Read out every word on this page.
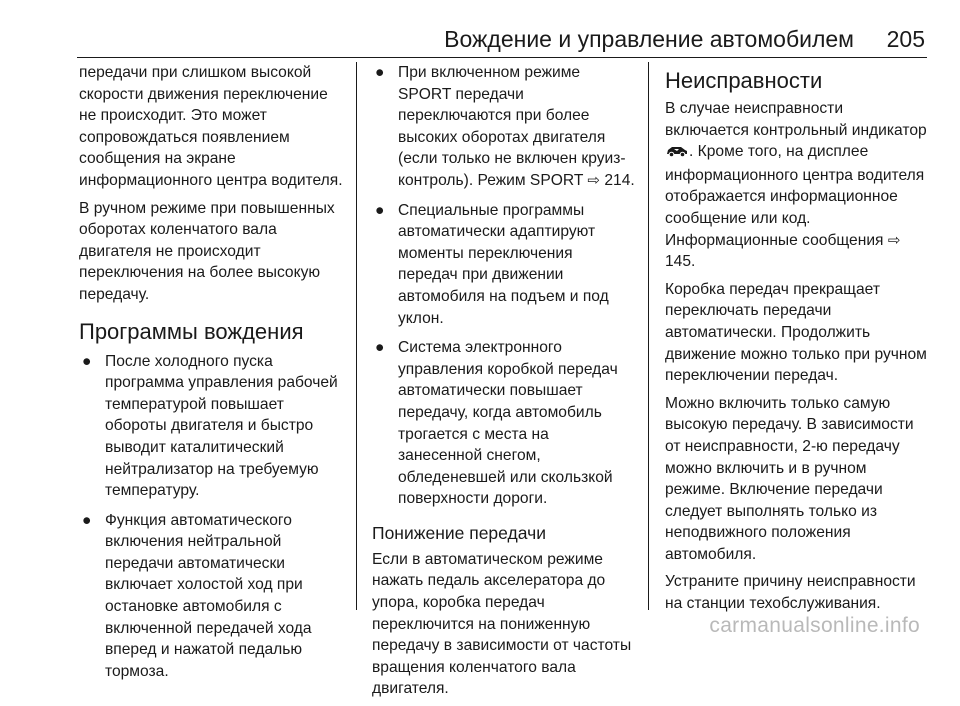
Вождение и управление автомобилем 205

передачи при слишком высокой скорости движения переключение не происходит. Это может сопровождаться появлением сообщения на экране информационного центра водителя.

В ручном режиме при повышенных оборотах коленчатого вала двигателя не происходит переключения на более высокую передачу.

Программы вождения
● После холодного пуска программа управления рабочей температурой повышает обороты двигателя и быстро выводит каталитический нейтрализатор на требуемую температуру.
● Функция автоматического включения нейтральной передачи автоматически включает холостой ход при остановке автомобиля с включенной передачей хода вперед и нажатой педалью тормоза.
● При включенном режиме SPORT передачи переключаются при более высоких оборотах двигателя (если только не включен круиз-контроль). Режим SPORT ⇨ 214.
● Специальные программы автоматически адаптируют моменты переключения передач при движении автомобиля на подъем и под уклон.
● Система электронного управления коробкой передач автоматически повышает передачу, когда автомобиль трогается с места на занесенной снегом, обледеневшей или скользкой поверхности дороги.
Понижение передачи

Если в автоматическом режиме нажать педаль акселератора до упора, коробка передач переключится на пониженную передачу в зависимости от частоты вращения коленчатого вала двигателя.

Неисправности

В случае неисправности включается контрольный индикатор . Кроме того, на дисплее информационного центра водителя отображается информационное сообщение или код. Информационные сообщения ⇨ 145.

Коробка передач прекращает переключать передачи автоматически. Продолжить движение можно только при ручном переключении передач.

Можно включить только самую высокую передачу. В зависимости от неисправности, 2-ю передачу можно включить и в ручном режиме. Включение передачи следует выполнять только из неподвижного положения автомобиля.

Устраните причину неисправности на станции техобслуживания.

carmanualsonline.info
